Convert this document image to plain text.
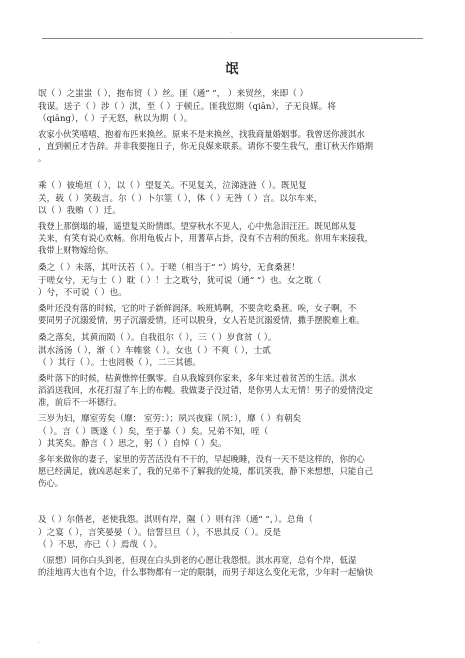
·
氓
氓（ ）之蚩蚩（ ），抱布贸（ ）丝。匪（通“ ”， ）来贸丝，来即（ ）
我谋。送子（ ）涉（ ）淇，至（ ）于顿丘。匪我愆期（qiān），子无良媒。将
（qiāng），（ ）子无怒，秋以为期（ ）。
农家小伙笑嘻嘻，抱着布匹来换丝。原来不是来换丝，找我商量婚姻事。我曾送你渡淇水
，直到顿丘才告辞。并非我要拖日子，你无良媒来联系。请你不要生我气，重订秋天作婚期
。
乘（ ）彼垝垣（ ），以（ ）望复关。不见复关，泣涕涟涟（ ）。既见复
关，载（ ）笑载言。尔（ ）卜尔筮（ ），体（ ）无咎（ ）言。以尔车来，
以（ ）我贿（ ）迁。
我登上那倒塌的墙，遥望复关盼情郎。望穿秋水不见人，心中焦急泪汪汪。既见郎从复
关来，有笑有说心欢畅。你用龟板占卜，用蓍草占卦，没有不吉利的预兆。你用车来接我，
我带上财物嫁给你。
桑之（ ）未落，其叶沃若（ ）。于嗟（相当于“ ”）鸠兮，无食桑葚！
于嗟女兮，无与士（ ）耽（ ）！士之耽兮，犹可说（通“ ”）也。女之耽（
）兮，不可说（ ）也。
桑叶还没有落的时候，它的叶子新鲜润泽。唉班鸠啊，不要贪吃桑葚。唉，女子啊，不
要同男子沉溺爱情，男子沉溺爱情，还可以脱身，女人若是沉溺爱情，撒手摆脱难上难。
桑之落矣，其黄而陨（ ）。自我徂尔（ ），三（ ）岁食贫（ ）。
淇水汤汤（ ），渐（ ）车帷裳（ ）。女也（ ）不爽（ ），士贰
（ ）其行（ ）。士也罔极（ ），二三其德。
桑叶落下的时候，枯黄憔悴任飘零。自从我嫁到你家来，多年来过着贫苦的生活。淇水
滔滔送我回，水花打湿了车上的布幔。我做妻子没过错，是你男人太无情！男子的爱情没定
准，前后不一坏德行。
三岁为妇，靡室劳矣（靡： 室劳：）；夙兴夜寐（夙：），靡（ ）有朝矣
（ ）。言（ ）既遂（ ）矣，至于暴（ ）矣。兄弟不知，咥（
）其笑矣。静言（ ）思之，躬（ ）自悼（ ）矣。
多年来做你的妻子，家里的劳苦活没有不干的，早起晚睡，没有一天不是这样的，你的心
愿已经满足，就凶恶起来了，我的兄弟不了解我的处境，都讥笑我，静下来想想，只能自己
伤心。
及（ ）尔偕老，老使我怨。淇则有岸，隰（ ）则有泮（通“ ”，）。总角（
）之宴（ ），言笑晏晏（ ）。信誓旦旦（ ），不思其反（ ）。反是
（ ）不思，亦已（ ）焉哉（ ）。
（原想）同你白头到老，但现在白头到老的心愿让我怨恨。淇水再宽，总有个岸，低湿
的洼地再大也有个边，什么事物都有一定的限制，而男子却这么变化无常，少年时一起愉快
·
